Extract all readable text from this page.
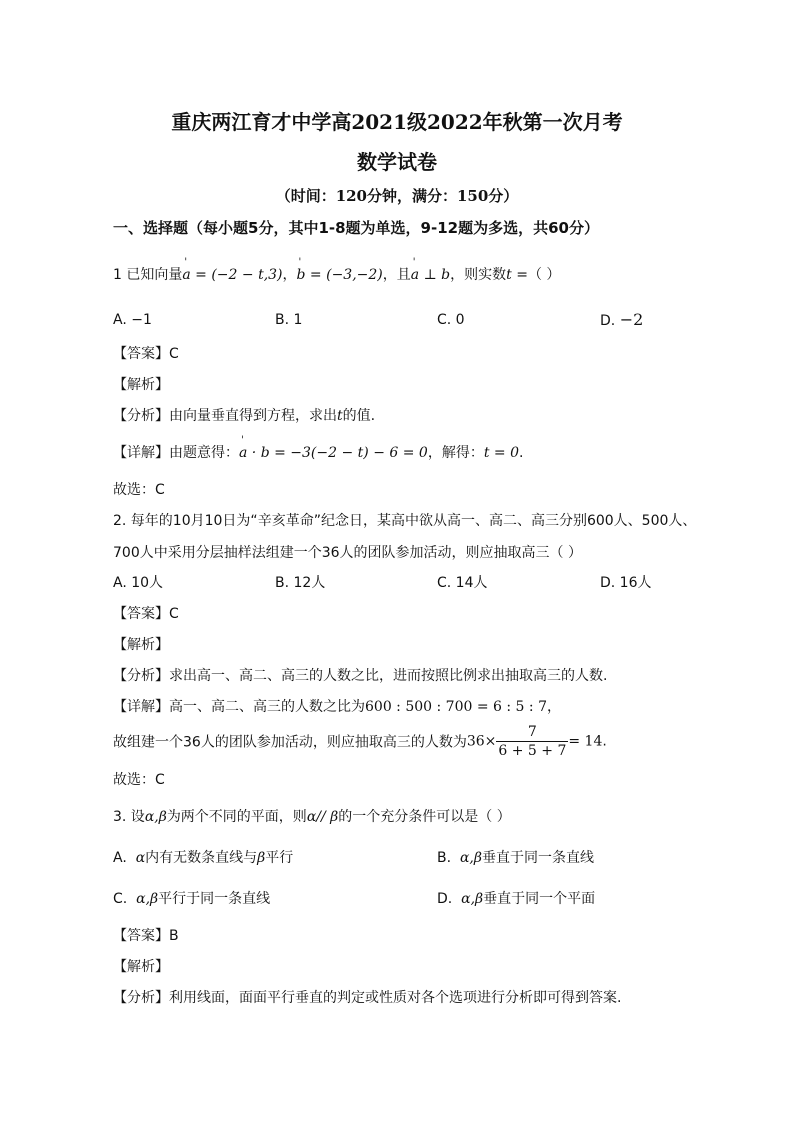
重庆两江育才中学高2021级2022年秋第一次月考
数学试卷
（时间：120分钟，满分：150分）
一、选择题（每小题5分，其中1-8题为单选，9-12题为多选，共60分）
1 已知向量' a = (−2 − t,3)，' b = (−3,−2)，且' a ⊥ b，则实数t =（ ）
A. −1	B. 1	C. 0	D. −2
【答案】C
【解析】
【分析】由向量垂直得到方程，求出t的值.
【详解】由题意得：' a · b = −3(−2 − t) − 6 = 0，解得：t = 0.
故选：C
2. 每年的10月10日为“辛亥革命”纪念日，某高中欲从高一、高二、高三分别600人、500人、
700人中采用分层抽样法组建一个36人的团队参加活动，则应抽取高三（ ）
A. 10人	B. 12人	C. 14人	D. 16人
【答案】C
【解析】
【分析】求出高一、高二、高三的人数之比，进而按照比例求出抽取高三的人数.
【详解】高一、高二、高三的人数之比为600 : 500 : 700 = 6 : 5 : 7，
故组建一个36人的团队参加活动，则应抽取高三的人数为$36\times \frac{7}{6 + 5 + 7} = 14$.
故选：C
3. 设α,β为两个不同的平面，则α// β的一个充分条件可以是（ ）
A. α内有无数条直线与β平行	B. α,β垂直于同一条直线
C. α,β平行于同一条直线	D. α,β垂直于同一个平面
【答案】B
【解析】
【分析】利用线面，面面平行垂直的判定或性质对各个选项进行分析即可得到答案.
